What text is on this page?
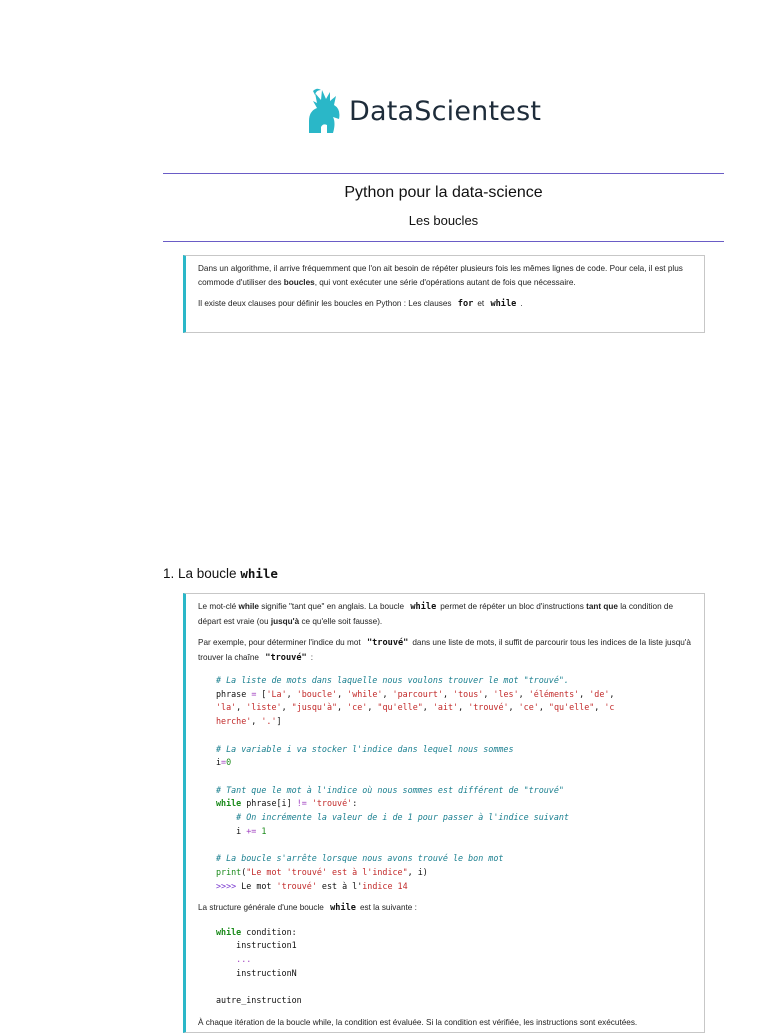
DataScientest
Python pour la data-science
Les boucles

Dans un algorithme, il arrive fréquemment que l'on ait besoin de répéter plusieurs fois les mêmes lignes de code. Pour cela, il est plus commode d'utiliser des boucles, qui vont exécuter une série d'opérations autant de fois que nécessaire.

Il existe deux clauses pour définir les boucles en Python : Les clauses for et while .

1. La boucle while

Le mot-clé while signifie "tant que" en anglais. La boucle while permet de répéter un bloc d'instructions tant que la condition de départ est vraie (ou jusqu'à ce qu'elle soit fausse).

Par exemple, pour déterminer l'indice du mot "trouvé" dans une liste de mots, il suffit de parcourir tous les indices de la liste jusqu'à trouver la chaîne "trouvé" :

# La liste de mots dans laquelle nous voulons trouver le mot "trouvé".
phrase = ['La', 'boucle', 'while', 'parcourt', 'tous', 'les', 'éléments', 'de',
'la', 'liste', "jusqu'à", 'ce', "qu'elle", 'ait', 'trouvé', 'ce', "qu'elle", 'c
herche', '.']

# La variable i va stocker l'indice dans lequel nous sommes
i=0

# Tant que le mot à l'indice où nous sommes est différent de "trouvé"
while phrase[i] != 'trouvé':
# On incrémente la valeur de i de 1 pour passer à l'indice suivant
i += 1

# La boucle s'arrête lorsque nous avons trouvé le bon mot
print("Le mot 'trouvé' est à l'indice", i)
>>>> Le mot 'trouvé' est à l'indice 14

La structure générale d'une boucle while est la suivante :

while condition:
instruction1
...
instructionN

autre_instruction
À chaque itération de la boucle while, la condition est évaluée. Si la condition est vérifiée, les instructions sont exécutées.
